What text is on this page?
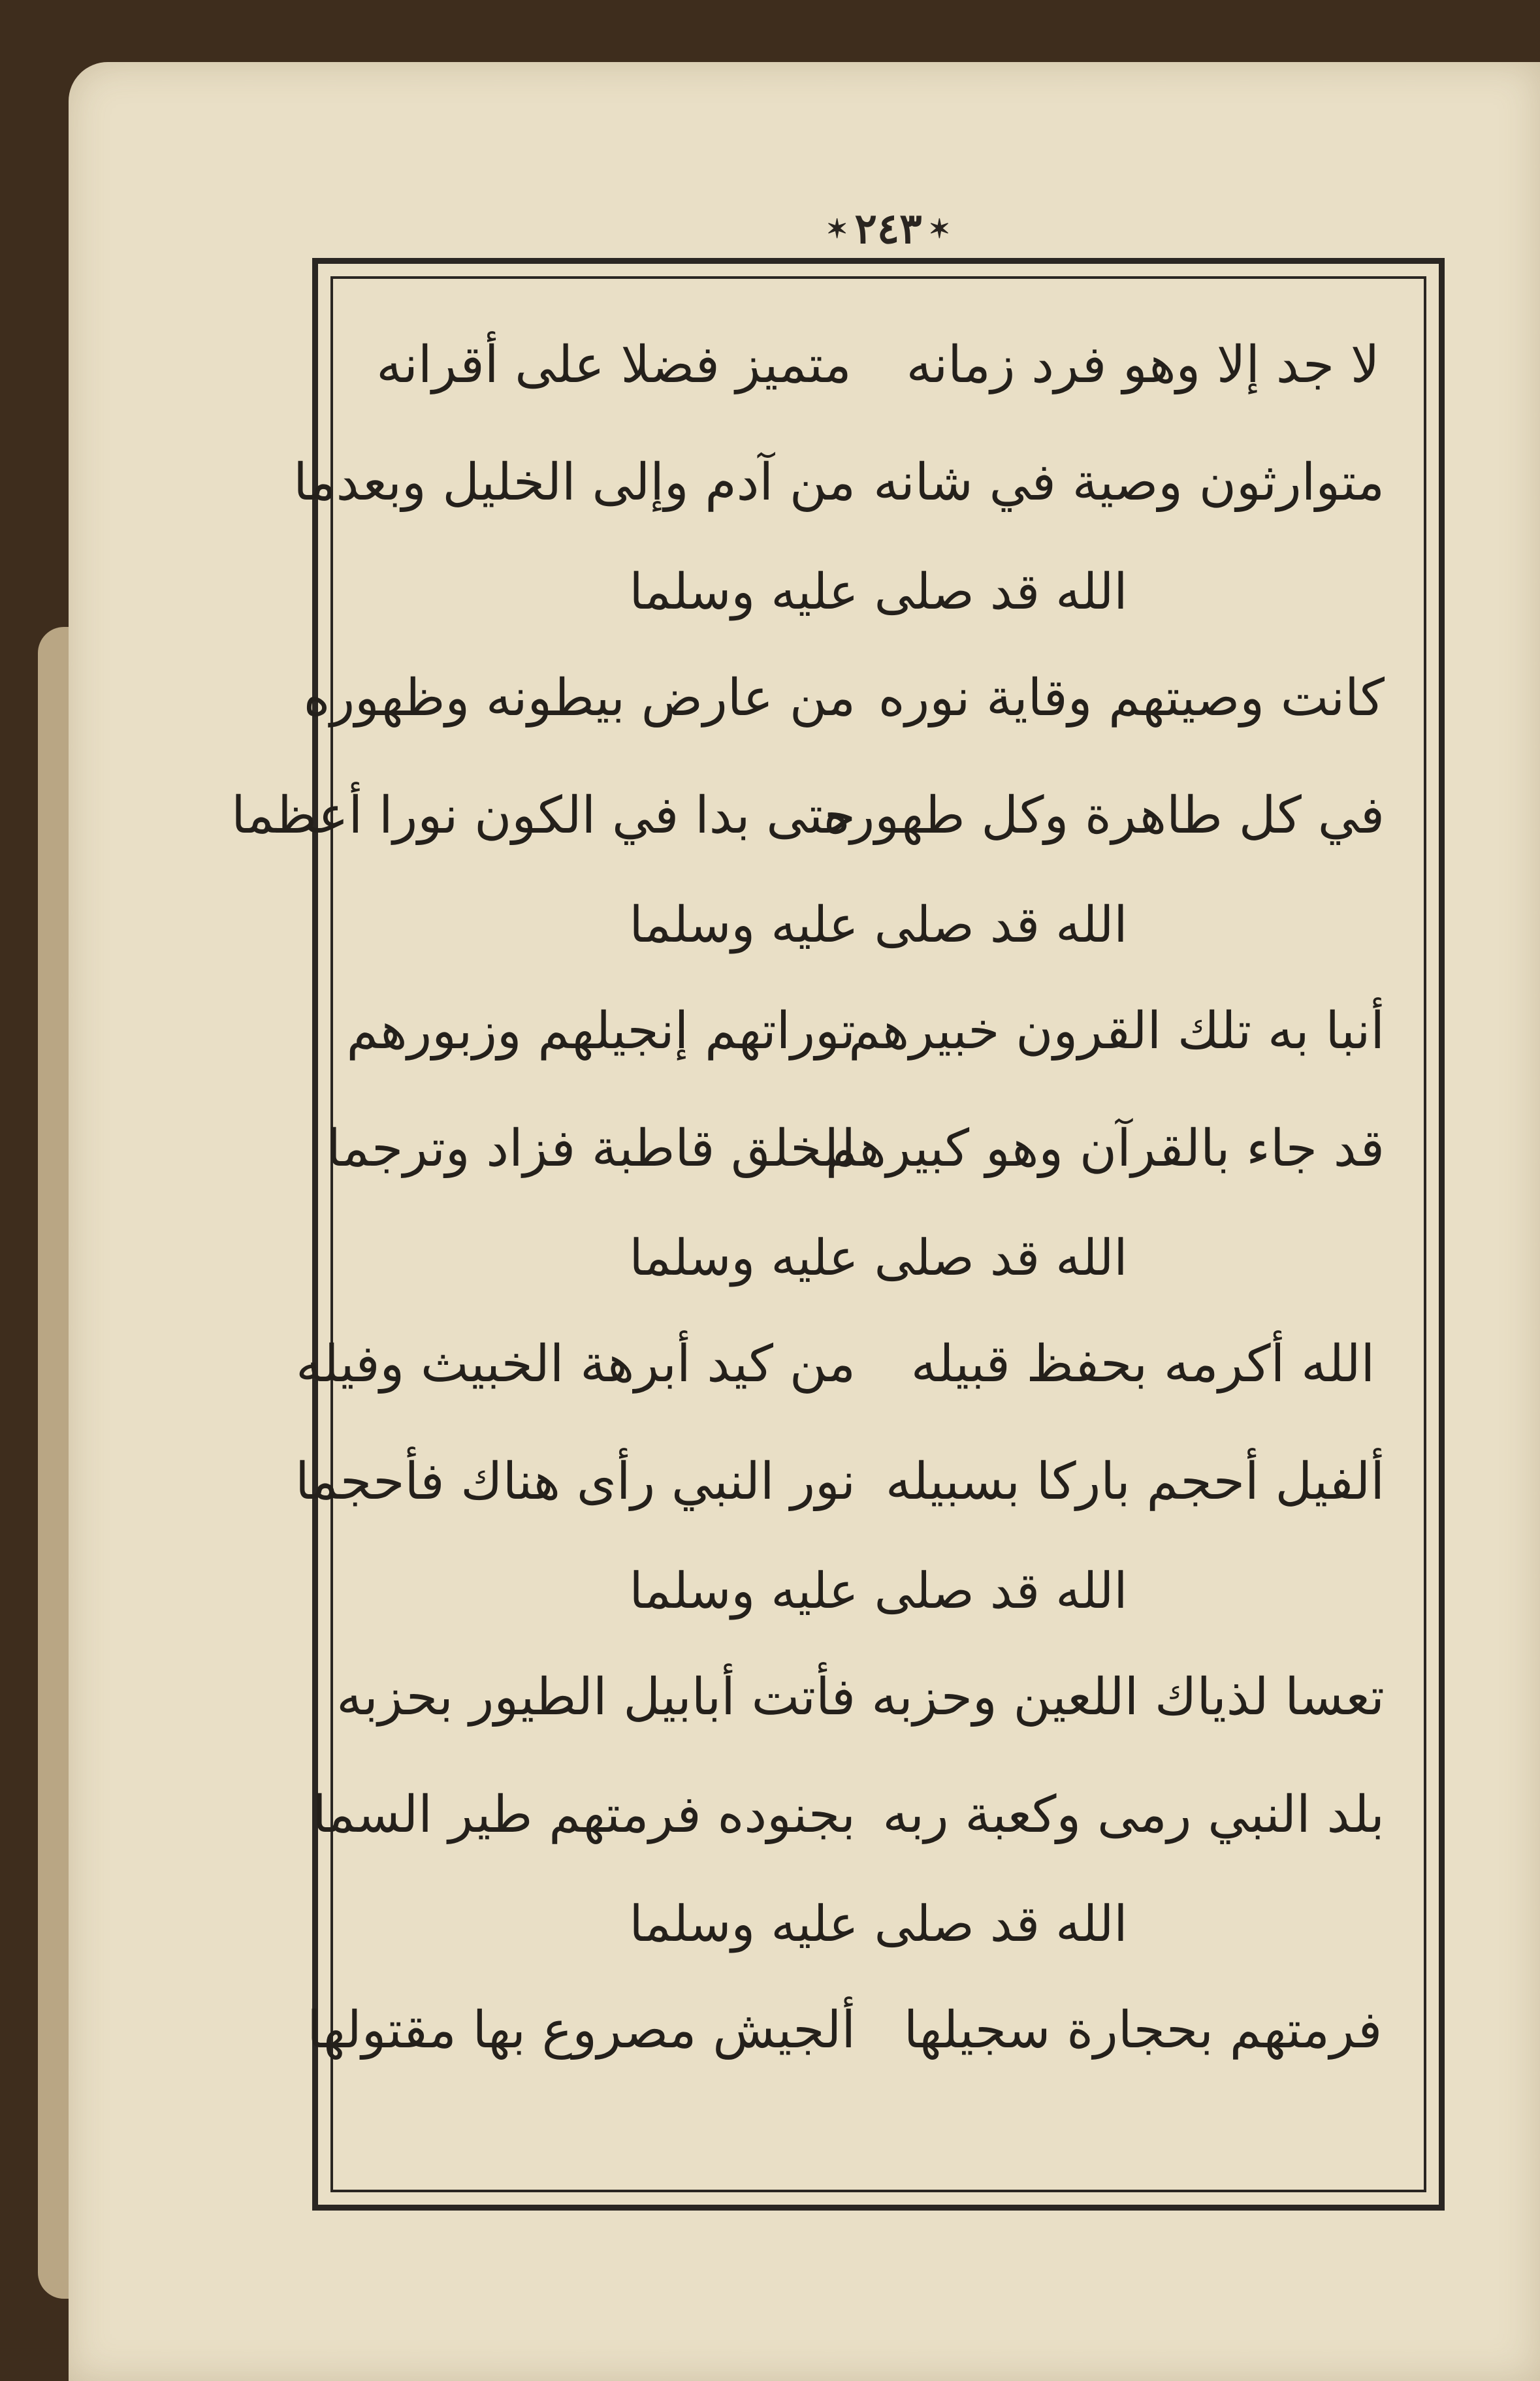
✶ ٢٤٣ ✶
لا جد إلا وهو فرد زمانه
متميز فضلا على أقرانه
متوارثون وصية في شانه
من آدم وإلى الخليل وبعدما
الله قد صلى عليه وسلما
كانت وصيتهم وقاية نوره
من عارض بيطونه وظهوره
في كل طاهرة وكل طهوره
حتى بدا في الكون نورا أعظما
الله قد صلى عليه وسلما
أنبا به تلك القرون خبيرهم
توراتهم إنجيلهم وزبورهم
قد جاء بالقرآن وهو كبيرهم
للخلق قاطبة فزاد وترجما
الله قد صلى عليه وسلما
الله أكرمه بحفظ قبيله
من كيد أبرهة الخبيث وفيله
ألفيل أحجم باركا بسبيله
نور النبي رأى هناك فأحجما
الله قد صلى عليه وسلما
تعسا لذياك اللعين وحزبه
فأتت أبابيل الطيور بحزبه
بلد النبي رمى وكعبة ربه
بجنوده فرمتهم طير السما
الله قد صلى عليه وسلما
فرمتهم بحجارة سجيلها
ألجيش مصروع بها مقتولها
